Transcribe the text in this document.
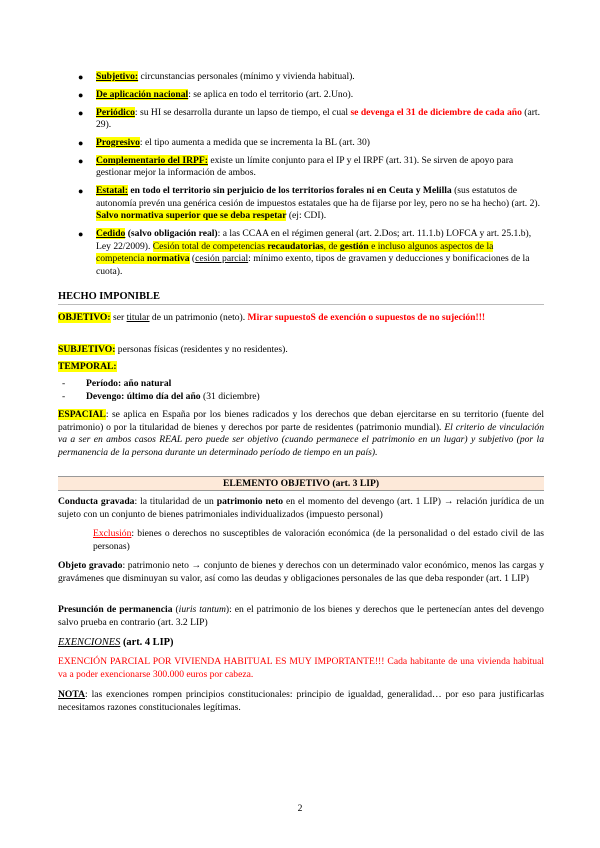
● Subjetivo: circunstancias personales (mínimo y vivienda habitual).
● De aplicación nacional: se aplica en todo el territorio (art. 2.Uno).
● Periódico: su HI se desarrolla durante un lapso de tiempo, el cual se devenga el 31 de diciembre de cada año (art. 29).
● Progresivo: el tipo aumenta a medida que se incrementa la BL (art. 30)
● Complementario del IRPF: existe un límite conjunto para el IP y el IRPF (art. 31). Se sirven de apoyo para gestionar mejor la información de ambos.
● Estatal: en todo el territorio sin perjuicio de los territorios forales ni en Ceuta y Melilla (sus estatutos de autonomía prevén una genérica cesión de impuestos estatales que ha de fijarse por ley, pero no se ha hecho) (art. 2). Salvo normativa superior que se deba respetar (ej: CDI).
● Cedido (salvo obligación real): a las CCAA en el régimen general (art. 2.Dos; art. 11.1.b) LOFCA y art. 25.1.b), Ley 22/2009). Cesión total de competencias recaudatorias, de gestión e incluso algunos aspectos de la competencia normativa (cesión parcial: mínimo exento, tipos de gravamen y deducciones y bonificaciones de la cuota).
HECHO IMPONIBLE
OBJETIVO: ser titular de un patrimonio (neto). Mirar supuestoS de exención o supuestos de no sujeción!!!
SUBJETIVO: personas físicas (residentes y no residentes).
TEMPORAL:
- Período: año natural
- Devengo: último día del año (31 diciembre)
ESPACIAL: se aplica en España por los bienes radicados y los derechos que deban ejercitarse en su territorio (fuente del patrimonio) o por la titularidad de bienes y derechos por parte de residentes (patrimonio mundial). El criterio de vinculación va a ser en ambos casos REAL pero puede ser objetivo (cuando permanece el patrimonio en un lugar) y subjetivo (por la permanencia de la persona durante un determinado período de tiempo en un país).
ELEMENTO OBJETIVO (art. 3 LIP)
Conducta gravada: la titularidad de un patrimonio neto en el momento del devengo (art. 1 LIP) → relación jurídica de un sujeto con un conjunto de bienes patrimoniales individualizados (impuesto personal)
Exclusión: bienes o derechos no susceptibles de valoración económica (de la personalidad o del estado civil de las personas)
Objeto gravado: patrimonio neto → conjunto de bienes y derechos con un determinado valor económico, menos las cargas y gravámenes que disminuyan su valor, así como las deudas y obligaciones personales de las que deba responder (art. 1 LIP)
Presunción de permanencia (iuris tantum): en el patrimonio de los bienes y derechos que le pertenecían antes del devengo salvo prueba en contrario (art. 3.2 LIP)
EXENCIONES (art. 4 LIP)
EXENCIÓN PARCIAL POR VIVIENDA HABITUAL ES MUY IMPORTANTE!!! Cada habitante de una vivienda habitual va a poder exencionarse 300.000 euros por cabeza.
NOTA: las exenciones rompen principios constitucionales: principio de igualdad, generalidad… por eso para justificarlas necesitamos razones constitucionales legítimas.
2
